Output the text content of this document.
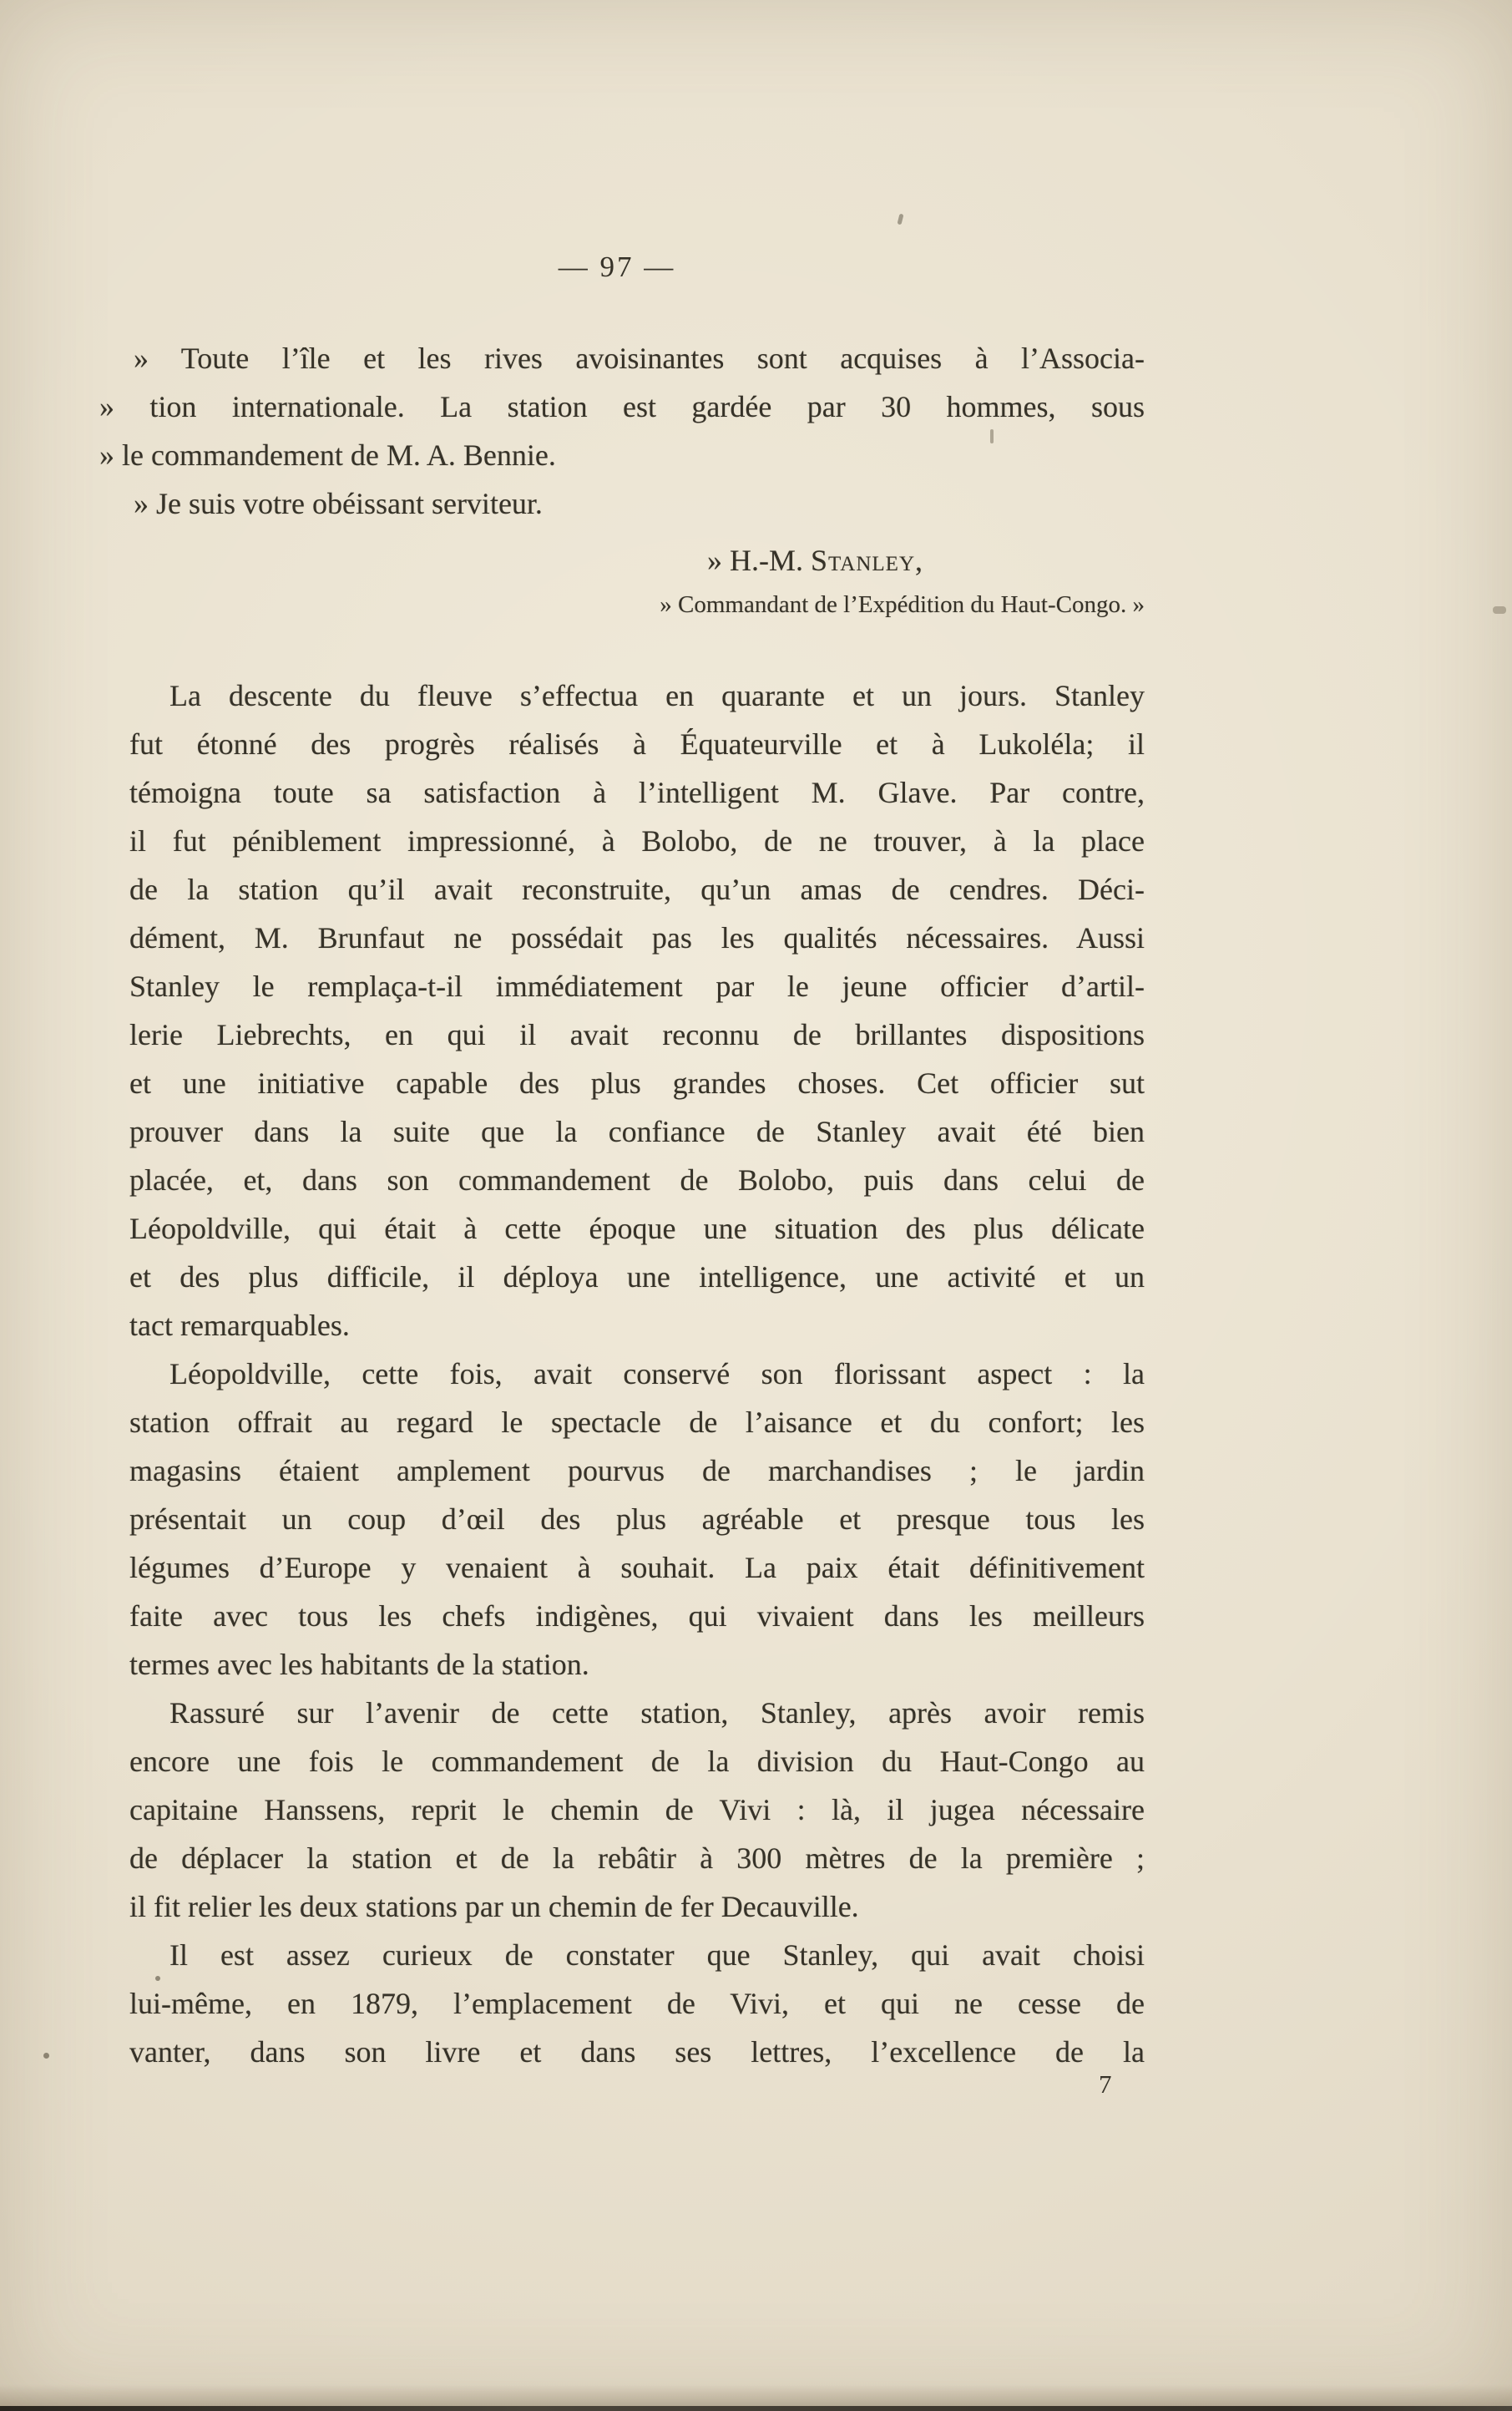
— 97 —
» Toute l’île et les rives avoisinantes sont acquises à l’Associa-
» tion internationale. La station est gardée par 30 hommes, sous
» le commandement de M. A. Bennie.
» Je suis votre obéissant serviteur.
» H.-M. Stanley,
» Commandant de l’Expédition du Haut-Congo. »
La descente du fleuve s’effectua en quarante et un jours. Stanley
fut étonné des progrès réalisés à Équateurville et à Lukoléla; il
témoigna toute sa satisfaction à l’intelligent M. Glave. Par contre,
il fut péniblement impressionné, à Bolobo, de ne trouver, à la place
de la station qu’il avait reconstruite, qu’un amas de cendres. Déci-
dément, M. Brunfaut ne possédait pas les qualités nécessaires. Aussi
Stanley le remplaça-t-il immédiatement par le jeune officier d’artil-
lerie Liebrechts, en qui il avait reconnu de brillantes dispositions
et une initiative capable des plus grandes choses. Cet officier sut
prouver dans la suite que la confiance de Stanley avait été bien
placée, et, dans son commandement de Bolobo, puis dans celui de
Léopoldville, qui était à cette époque une situation des plus délicate
et des plus difficile, il déploya une intelligence, une activité et un
tact remarquables.
Léopoldville, cette fois, avait conservé son florissant aspect : la
station offrait au regard le spectacle de l’aisance et du confort; les
magasins étaient amplement pourvus de marchandises ; le jardin
présentait un coup d’œil des plus agréable et presque tous les
légumes d’Europe y venaient à souhait. La paix était définitivement
faite avec tous les chefs indigènes, qui vivaient dans les meilleurs
termes avec les habitants de la station.
Rassuré sur l’avenir de cette station, Stanley, après avoir remis
encore une fois le commandement de la division du Haut-Congo au
capitaine Hanssens, reprit le chemin de Vivi : là, il jugea nécessaire
de déplacer la station et de la rebâtir à 300 mètres de la première ;
il fit relier les deux stations par un chemin de fer Decauville.
Il est assez curieux de constater que Stanley, qui avait choisi
lui-même, en 1879, l’emplacement de Vivi, et qui ne cesse de
vanter, dans son livre et dans ses lettres, l’excellence de la
7
